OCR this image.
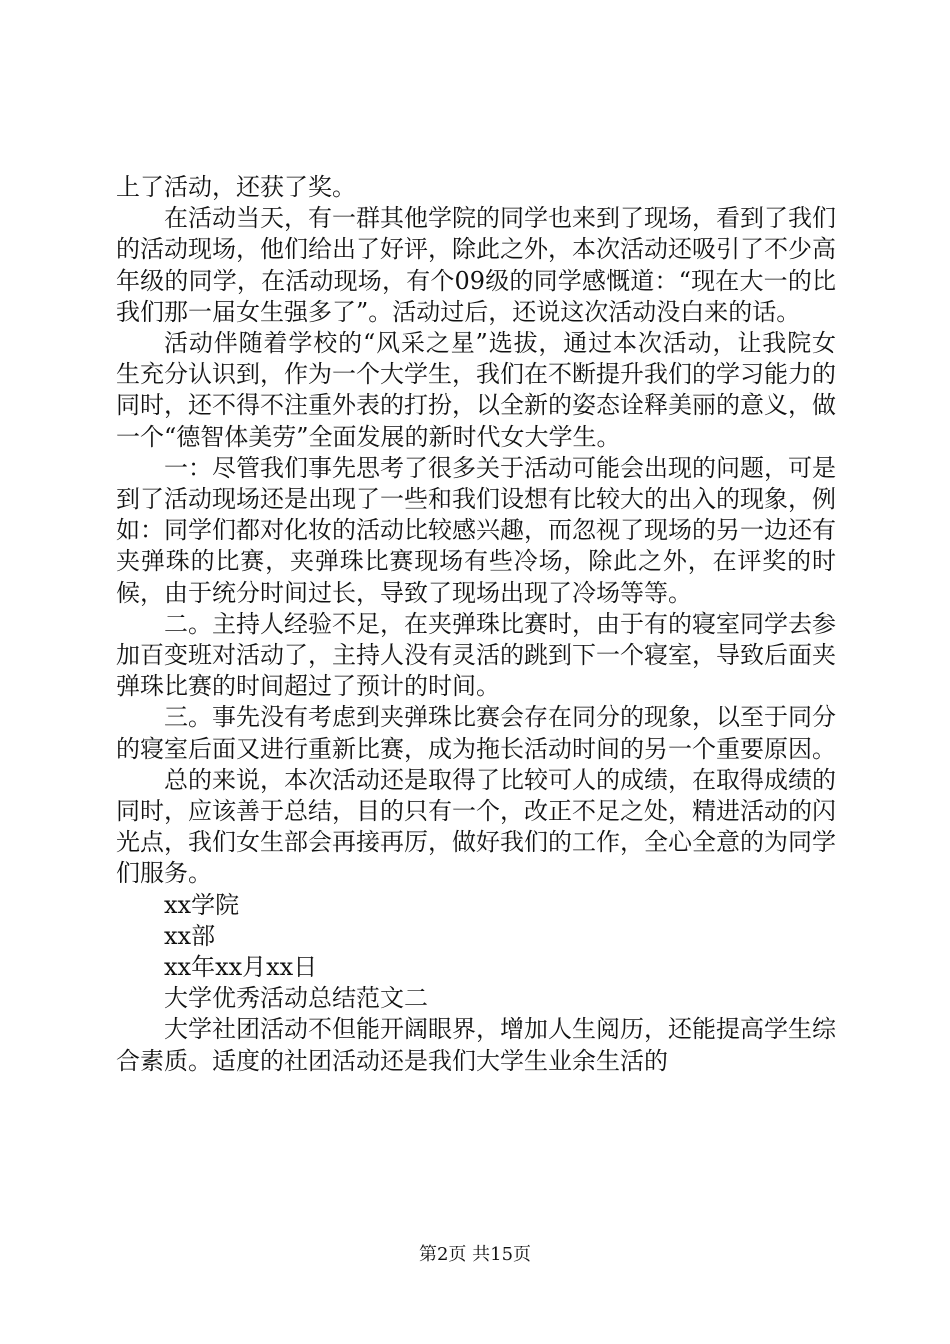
上了活动，还获了奖。

在活动当天，有一群其他学院的同学也来到了现场，看到了我们的活动现场，他们给出了好评，除此之外，本次活动还吸引了不少高年级的同学，在活动现场，有个09级的同学感慨道：“现在大一的比我们那一届女生强多了”。活动过后，还说这次活动没白来的话。

活动伴随着学校的“风采之星”选拔，通过本次活动，让我院女生充分认识到，作为一个大学生，我们在不断提升我们的学习能力的同时，还不得不注重外表的打扮，以全新的姿态诠释美丽的意义，做一个“德智体美劳”全面发展的新时代女大学生。

一：尽管我们事先思考了很多关于活动可能会出现的问题，可是到了活动现场还是出现了一些和我们设想有比较大的出入的现象，例如：同学们都对化妆的活动比较感兴趣，而忽视了现场的另一边还有夹弹珠的比赛，夹弹珠比赛现场有些冷场，除此之外，在评奖的时候，由于统分时间过长，导致了现场出现了冷场等等。

二。主持人经验不足，在夹弹珠比赛时，由于有的寝室同学去参加百变班对活动了，主持人没有灵活的跳到下一个寝室，导致后面夹弹珠比赛的时间超过了预计的时间。

三。事先没有考虑到夹弹珠比赛会存在同分的现象，以至于同分的寝室后面又进行重新比赛，成为拖长活动时间的另一个重要原因。

总的来说，本次活动还是取得了比较可人的成绩，在取得成绩的同时，应该善于总结，目的只有一个，改正不足之处，精进活动的闪光点，我们女生部会再接再厉，做好我们的工作，全心全意的为同学们服务。

xx学院

xx部

xx年xx月xx日

大学优秀活动总结范文二

大学社团活动不但能开阔眼界，增加人生阅历，还能提高学生综合素质。适度的社团活动还是我们大学生业余生活的

第2页 共15页
